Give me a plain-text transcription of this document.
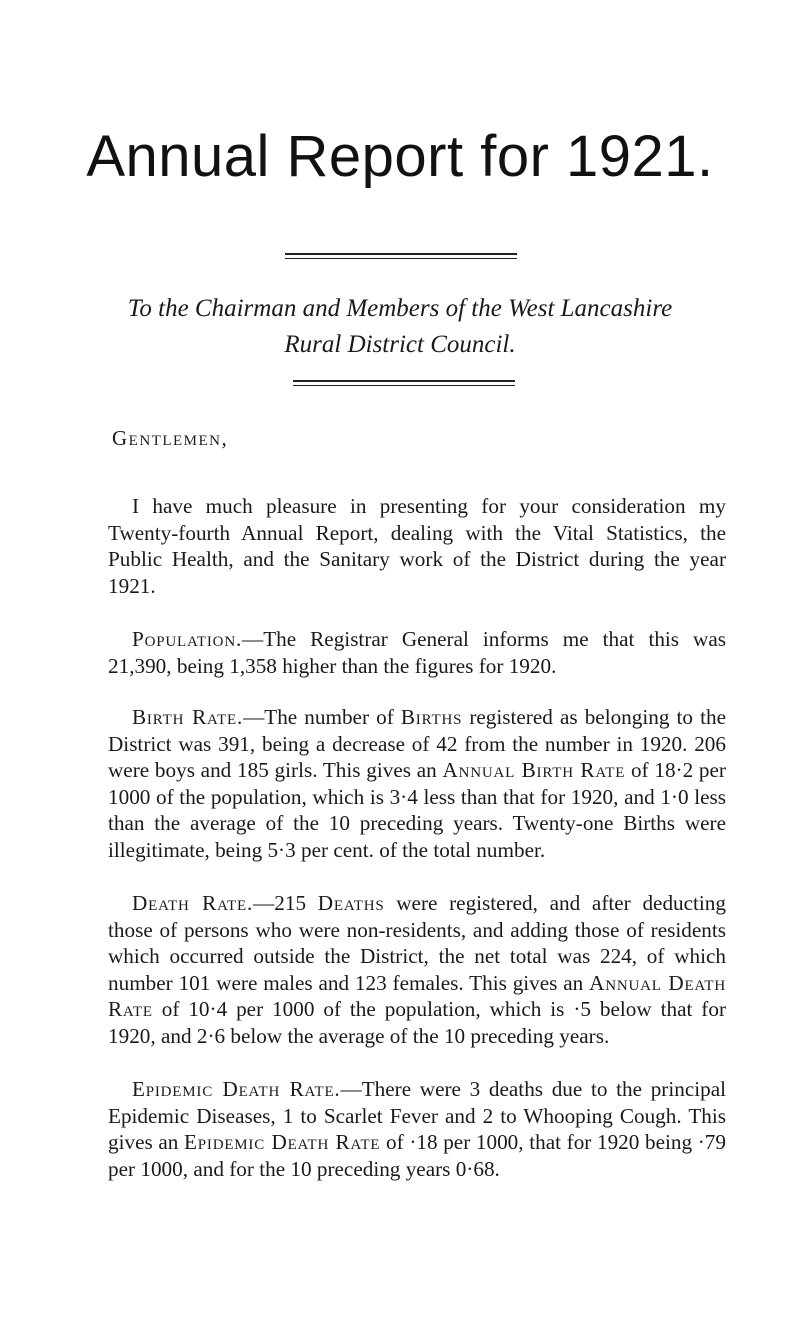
Annual Report for 1921.
To the Chairman and Members of the West Lancashire
Rural District Council.
Gentlemen,

I have much pleasure in presenting for your consideration my Twenty-fourth Annual Report, dealing with the Vital Statistics, the Public Health, and the Sanitary work of the District during the year 1921.

Population.—The Registrar General informs me that this was 21,390, being 1,358 higher than the figures for 1920.

Birth Rate.—The number of Births registered as belonging to the District was 391, being a decrease of 42 from the number in 1920. 206 were boys and 185 girls. This gives an Annual Birth Rate of 18·2 per 1000 of the population, which is 3·4 less than that for 1920, and 1·0 less than the average of the 10 preceding years. Twenty-one Births were illegitimate, being 5·3 per cent. of the total number.

Death Rate.—215 Deaths were registered, and after deducting those of persons who were non-residents, and adding those of residents which occurred outside the District, the net total was 224, of which number 101 were males and 123 females. This gives an Annual Death Rate of 10·4 per 1000 of the population, which is ·5 below that for 1920, and 2·6 below the average of the 10 preceding years.

Epidemic Death Rate.—There were 3 deaths due to the principal Epidemic Diseases, 1 to Scarlet Fever and 2 to Whooping Cough. This gives an Epidemic Death Rate of ·18 per 1000, that for 1920 being ·79 per 1000, and for the 10 preceding years 0·68.
